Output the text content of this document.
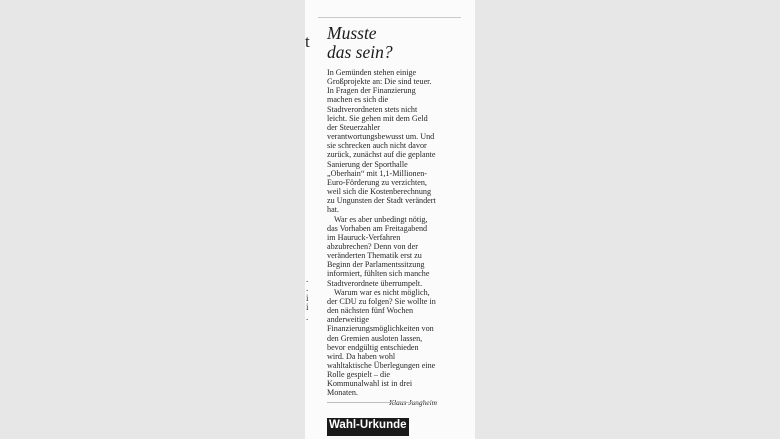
t
.
.
i
i
.
Musste
das sein?

In Gemünden stehen einige Großprojekte an: Die sind teuer. In Fragen der Finanzierung machen es sich die Stadtverordneten stets nicht leicht. Sie gehen mit dem Geld der Steuerzahler verantwortungsbewusst um. Und sie schrecken auch nicht davor zurück, zunächst auf die geplante Sanierung der Sporthalle „Oberhain“ mit 1,1-Millionen-Euro-Förderung zu verzichten, weil sich die Kostenberechnung zu Ungunsten der Stadt verändert hat.

War es aber unbedingt nötig, das Vorhaben am Freitagabend im Hauruck-Verfahren abzubrechen? Denn von der veränderten Thematik erst zu Beginn der Parlamentssitzung informiert, fühlten sich manche Stadtverordnete überrumpelt.

Warum war es nicht möglich, der CDU zu folgen? Sie wollte in den nächsten fünf Wochen anderweitige Finanzierungsmöglichkeiten von den Gremien ausloten lassen, bevor endgültig entschieden wird. Da haben wohl wahltaktische Überlegungen eine Rolle gespielt – die Kommunalwahl ist in drei Monaten.

Klaus Jungheim

Wahl-Urkunde
